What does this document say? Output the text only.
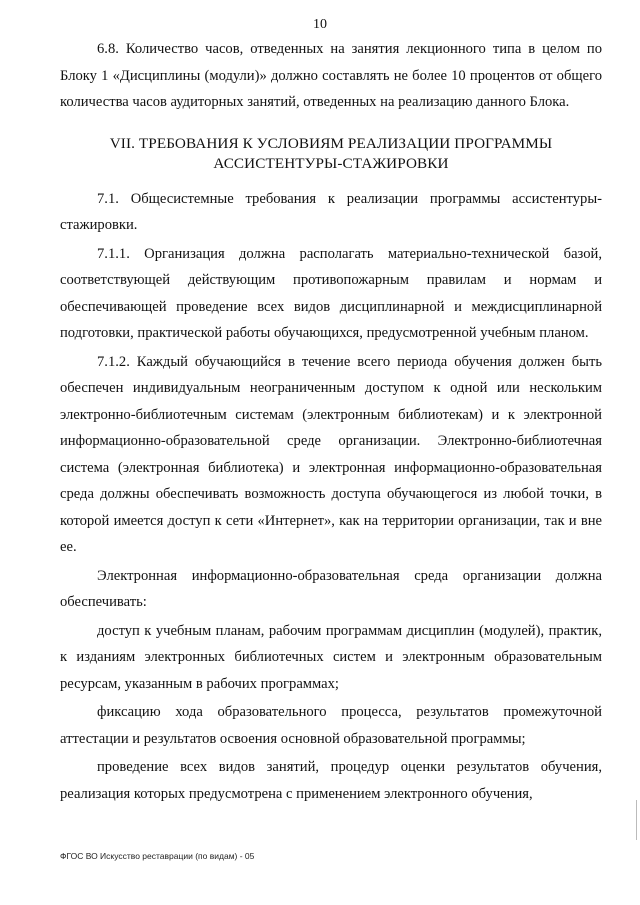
10

6.8. Количество часов, отведенных на занятия лекционного типа в целом по Блоку 1 «Дисциплины (модули)» должно составлять не более 10 процентов от общего количества часов аудиторных занятий, отведенных на реализацию данного Блока.

VII. ТРЕБОВАНИЯ К УСЛОВИЯМ РЕАЛИЗАЦИИ ПРОГРАММЫ АССИСТЕНТУРЫ-СТАЖИРОВКИ

7.1. Общесистемные требования к реализации программы ассистентуры-стажировки.

7.1.1. Организация должна располагать материально-технической базой, соответствующей действующим противопожарным правилам и нормам и обеспечивающей проведение всех видов дисциплинарной и междисциплинарной подготовки, практической работы обучающихся, предусмотренной учебным планом.

7.1.2. Каждый обучающийся в течение всего периода обучения должен быть обеспечен индивидуальным неограниченным доступом к одной или нескольким электронно-библиотечным системам (электронным библиотекам) и к электронной информационно-образовательной среде организации. Электронно-библиотечная система (электронная библиотека) и электронная информационно-образовательная среда должны обеспечивать возможность доступа обучающегося из любой точки, в которой имеется доступ к сети «Интернет», как на территории организации, так и вне ее.

Электронная информационно-образовательная среда организации должна обеспечивать:

доступ к учебным планам, рабочим программам дисциплин (модулей), практик, к изданиям электронных библиотечных систем и электронным образовательным ресурсам, указанным в рабочих программах;

фиксацию хода образовательного процесса, результатов промежуточной аттестации и результатов освоения основной образовательной программы;

проведение всех видов занятий, процедур оценки результатов обучения, реализация которых предусмотрена с применением электронного обучения,

ФГОС ВО Искусство реставрации (по видам) - 05
